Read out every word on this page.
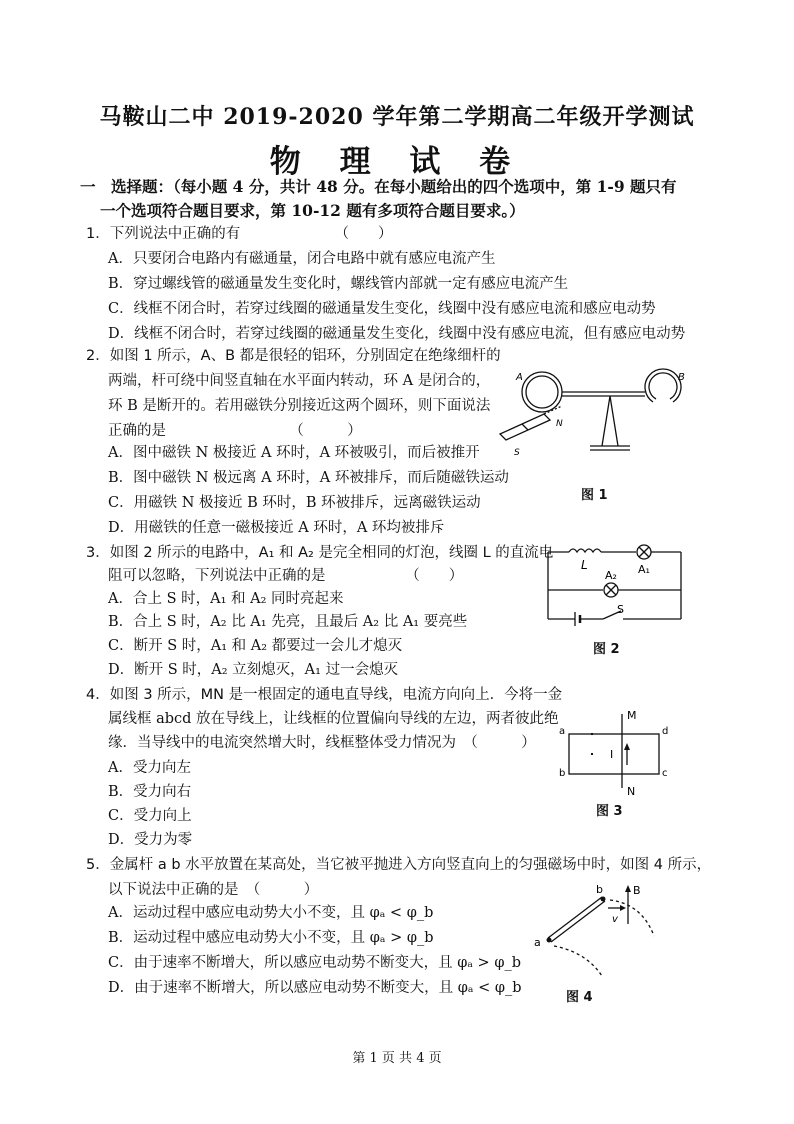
马鞍山二中 2019-2020 学年第二学期高二年级开学测试
物 理 试 卷
一　选择题：（每小题 4 分，共计 48 分。在每小题给出的四个选项中，第 1-9 题只有
一个选项符合题目要求，第 10-12 题有多项符合题目要求。）
1．下列说法中正确的有　　　　　　　（　　）
A．只要闭合电路内有磁通量，闭合电路中就有感应电流产生
B．穿过螺线管的磁通量发生变化时，螺线管内部就一定有感应电流产生
C．线框不闭合时，若穿过线圈的磁通量发生变化，线圈中没有感应电流和感应电动势
D．线框不闭合时，若穿过线圈的磁通量发生变化，线圈中没有感应电流，但有感应电动势
2．如图 1 所示，A、B 都是很轻的铝环，分别固定在绝缘细杆的
两端，杆可绕中间竖直轴在水平面内转动，环 A 是闭合的，
环 B 是断开的。若用磁铁分别接近这两个圆环，则下面说法
正确的是　　　　　　　　　（　　　）
A．图中磁铁 N 极接近 A 环时，A 环被吸引，而后被推开
B．图中磁铁 N 极远离 A 环时，A 环被排斥，而后随磁铁运动
C．用磁铁 N 极接近 B 环时，B 环被排斥，远离磁铁运动
D．用磁铁的任意一磁极接近 A 环时，A 环均被排斥
3．如图 2 所示的电路中，A₁ 和 A₂ 是完全相同的灯泡，线圈 L 的直流电
阻可以忽略，下列说法中正确的是　　　　　　（　　）
A．合上 S 时，A₁ 和 A₂ 同时亮起来
B．合上 S 时，A₂ 比 A₁ 先亮，且最后 A₂ 比 A₁ 要亮些
C．断开 S 时，A₁ 和 A₂ 都要过一会儿才熄灭
D．断开 S 时，A₂ 立刻熄灭，A₁ 过一会熄灭
4．如图 3 所示，MN 是一根固定的通电直导线，电流方向向上．今将一金
属线框 abcd 放在导线上，让线框的位置偏向导线的左边，两者彼此绝
缘．当导线中的电流突然增大时，线框整体受力情况为　（　　　）
A．受力向左
B．受力向右
C．受力向上
D．受力为零
5．金属杆 a b 水平放置在某高处，当它被平抛进入方向竖直向上的匀强磁场中时，如图 4 所示，
以下说法中正确的是　（　　　）
A．运动过程中感应电动势大小不变，且 φₐ < φ_b
B．运动过程中感应电动势大小不变，且 φₐ > φ_b
C．由于速率不断增大，所以感应电动势不断变大，且 φₐ > φ_b
D．由于速率不断增大，所以感应电动势不断变大，且 φₐ < φ_b
A	B
N
S
图 1
L	A₁
A₂
S
图 2
M
N
a
b	c
d
I
图 3
a
b	B
v
图 4
第 1 页 共 4 页
